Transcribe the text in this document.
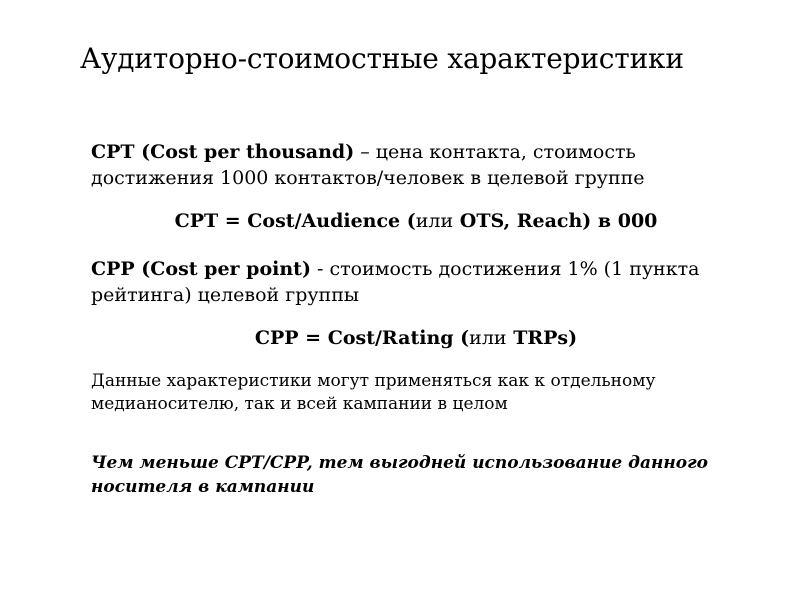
Аудиторно-стоимостные характеристики
CPT (Cost per thousand) – цена контакта, стоимость достижения 1000 контактов/человек в целевой группе
CPT = Cost/Audience (или OTS, Reach) в 000
CPP (Cost per point) - стоимость достижения 1% (1 пункта рейтинга) целевой группы
CPP = Cost/Rating (или TRPs)
Данные характеристики могут применяться как к отдельному медианосителю, так и всей кампании в целом
Чем меньше CPT/CPP, тем выгодней использование данного носителя в кампании
